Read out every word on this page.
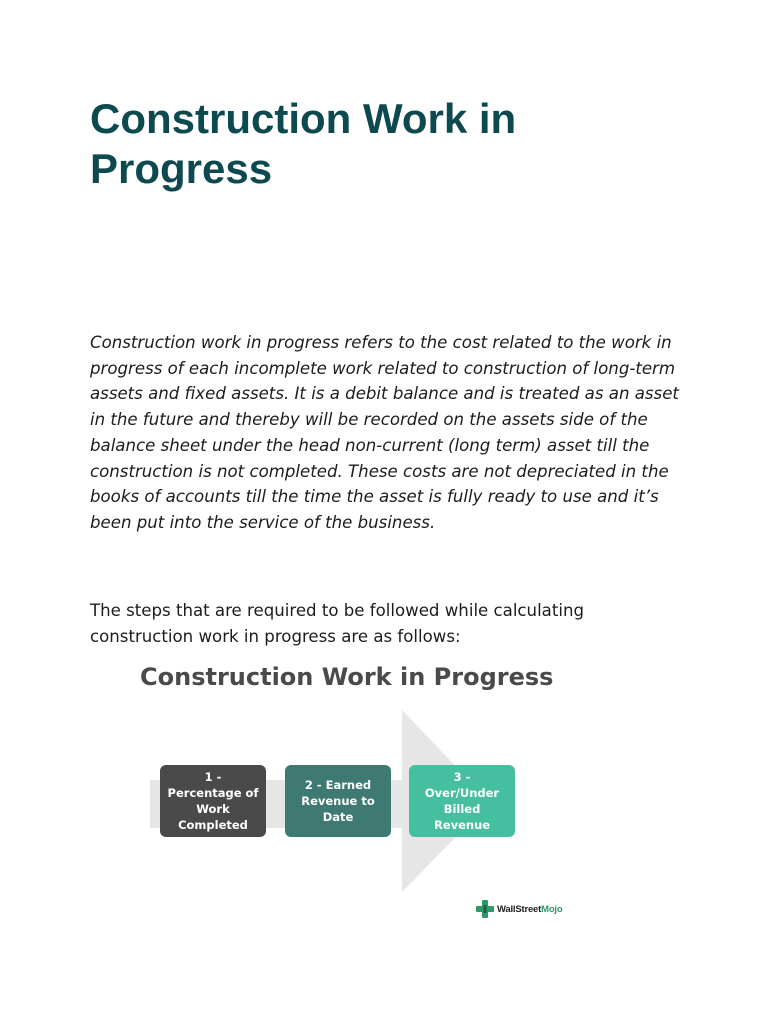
Construction Work in Progress

Construction work in progress refers to the cost related to the work in progress of each incomplete work related to construction of long-term assets and fixed assets. It is a debit balance and is treated as an asset in the future and thereby will be recorded on the assets side of the balance sheet under the head non-current (long term) asset till the construction is not completed. These costs are not depreciated in the books of accounts till the time the asset is fully ready to use and it’s been put into the service of the business.

The steps that are required to be followed while calculating construction work in progress are as follows:

Construction Work in Progress
1 - Percentage of Work Completed
2 - Earned Revenue to Date
3 - Over/Under Billed Revenue
WallStreetMojo
